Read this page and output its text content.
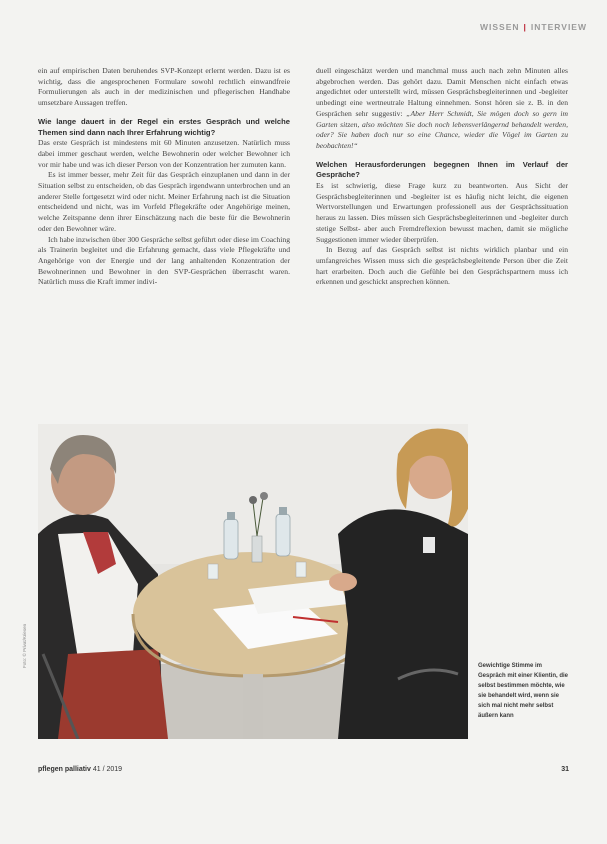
WISSEN | INTERVIEW

ein auf empirischen Daten beruhendes SVP-Konzept erlernt werden. Dazu ist es wichtig, dass die angesprochenen Formulare sowohl rechtlich einwandfreie Formulierungen als auch in der medizinischen und pflegerischen Handhabe umsetzbare Aussagen treffen.

Wie lange dauert in der Regel ein erstes Gespräch und welche Themen sind dann nach Ihrer Erfahrung wichtig?

Das erste Gespräch ist mindestens mit 60 Minuten anzusetzen. Natürlich muss dabei immer geschaut werden, welche Bewohnerin oder welcher Bewohner ich vor mir habe und was ich dieser Person von der Konzentration her zumuten kann.

Es ist immer besser, mehr Zeit für das Gespräch einzuplanen und dann in der Situation selbst zu entscheiden, ob das Gespräch irgendwann unterbrochen und an anderer Stelle fortgesetzt wird oder nicht. Meiner Erfahrung nach ist die Situation entscheidend und nicht, was im Vorfeld Pflegekräfte oder Angehörige meinen, welche Zeitspanne denn ihrer Einschätzung nach die beste für die Bewohnerin oder den Bewohner wäre.

Ich habe inzwischen über 300 Gespräche selbst geführt oder diese im Coaching als Trainerin begleitet und die Erfahrung gemacht, dass viele Pflegekräfte und Angehörige von der Energie und der lang anhaltenden Konzentration der Bewohnerinnen und Bewohner in den SVP-Gesprächen überrascht waren. Natürlich muss die Kraft immer indivi-

duell eingeschätzt werden und manchmal muss auch nach zehn Minuten alles abgebrochen werden. Das gehört dazu. Damit Menschen nicht einfach etwas angedichtet oder unterstellt wird, müssen Gesprächsbegleiterinnen und -begleiter unbedingt eine wertneutrale Haltung einnehmen. Sonst hören sie z. B. in den Gesprächen sehr suggestiv: „Aber Herr Schmidt, Sie mögen doch so gern im Garten sitzen, also möchten Sie doch noch lebensverlängernd behandelt werden, oder? Sie haben doch nur so eine Chance, wieder die Vögel im Garten zu beobachten!“

Welchen Herausforderungen begegnen Ihnen im Verlauf der Gespräche?

Es ist schwierig, diese Frage kurz zu beantworten. Aus Sicht der Gesprächsbegleiterinnen und -begleiter ist es häufig nicht leicht, die eigenen Wertvorstellungen und Erwartungen professionell aus der Gesprächssituation heraus zu lassen. Dies müssen sich Gesprächsbegleiterinnen und -begleiter durch stetige Selbst- aber auch Fremdreflexion bewusst machen, damit sie mögliche Suggestionen immer wieder überprüfen.

In Bezug auf das Gespräch selbst ist nichts wirklich planbar und ein umfangreiches Wissen muss sich die gesprächsbegleitende Person über die Zeit hart erarbeiten. Doch auch die Gefühle bei den Gesprächspartnern muss ich erkennen und geschickt ansprechen können.

Foto: © Privat/Kriesen	Gewichtige Stimme im Gespräch mit einer Klientin, die selbst bestimmen möchte, wie sie behandelt wird, wenn sie sich mal nicht mehr selbst äußern kann
pflegen palliativ 41 / 2019	31
